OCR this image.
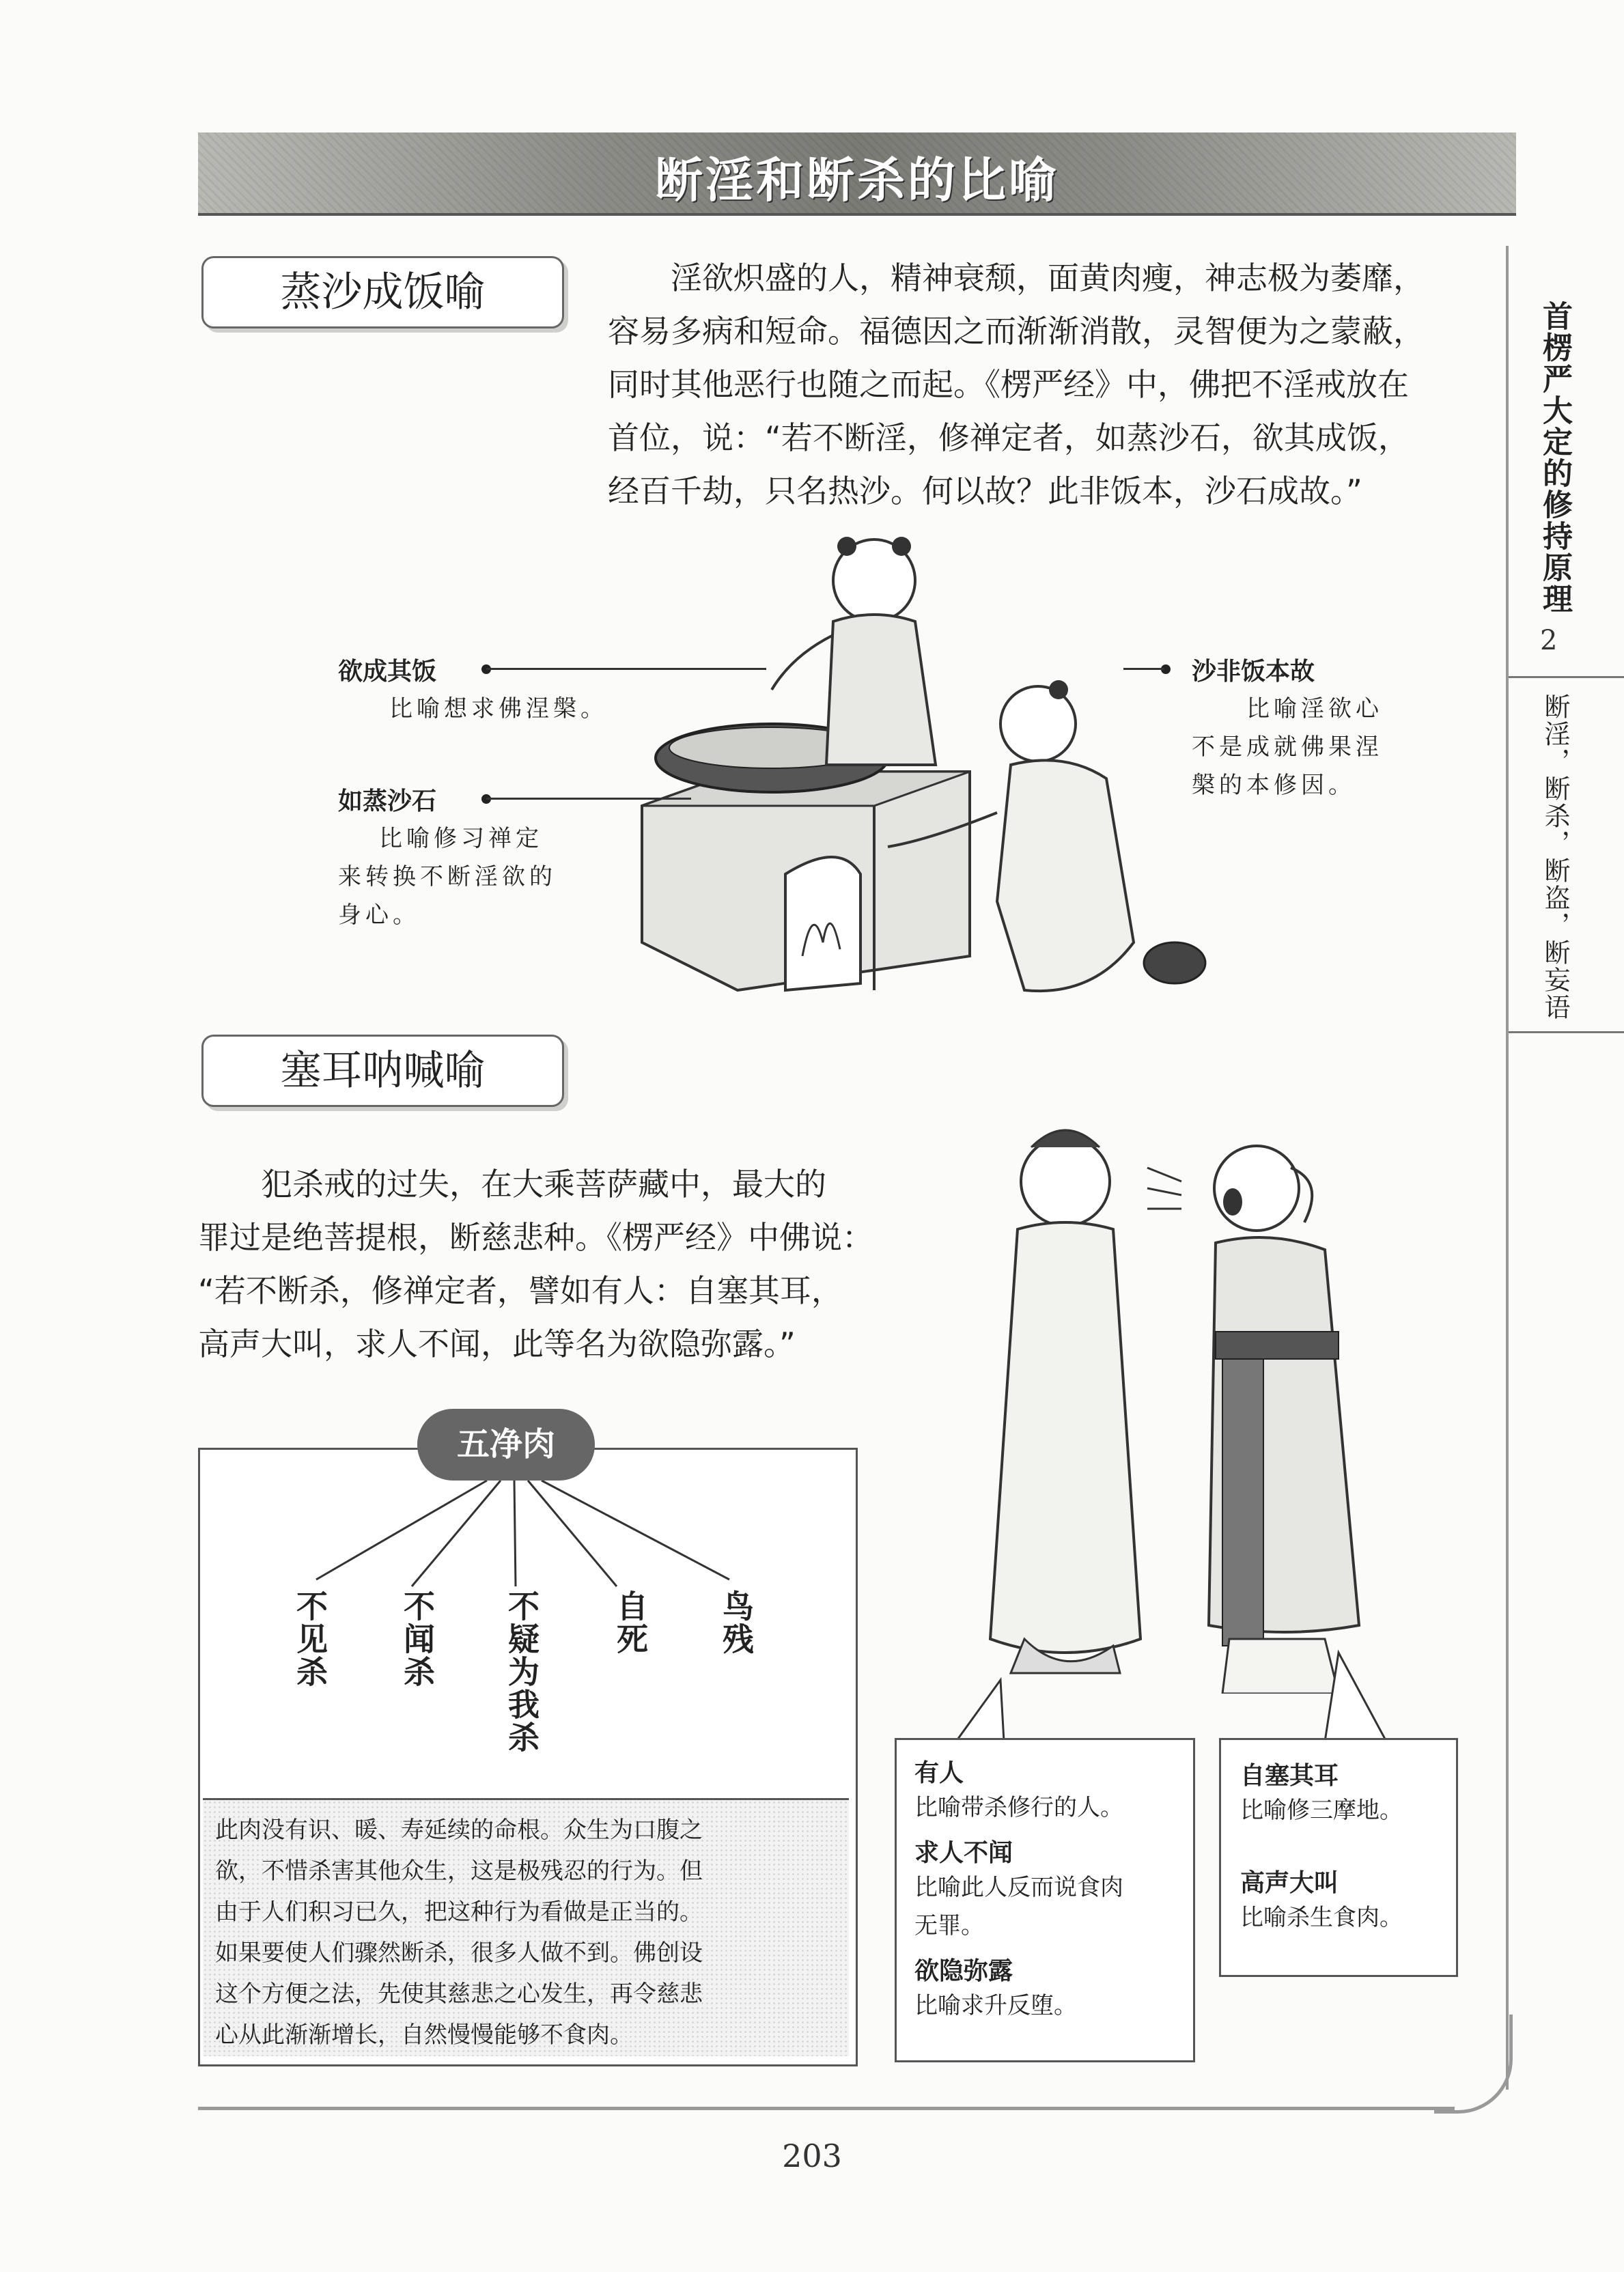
断淫和断杀的比喻
首楞严大定的修持原理
2
断淫，断杀，断盗，断妄语
蒸沙成饭喻	　　淫欲炽盛的人，精神衰颓，面黄肉瘦，神志极为萎靡，
容易多病和短命。福德因之而渐渐消散，灵智便为之蒙蔽，
同时其他恶行也随之而起。《楞严经》中，佛把不淫戒放在
首位，说：“若不断淫，修禅定者，如蒸沙石，欲其成饭，
经百千劫，只名热沙。何以故？此非饭本，沙石成故。”
欲成其饭
比喻想求佛涅槃。
如蒸沙石
比喻修习禅定
来转换不断淫欲的
身心。
沙非饭本故
比喻淫欲心
不是成就佛果涅
槃的本修因。
塞耳呐喊喻
　　犯杀戒的过失，在大乘菩萨藏中，最大的
罪过是绝菩提根，断慈悲种。《楞严经》中佛说：
“若不断杀，修禅定者，譬如有人：自塞其耳，
高声大叫，求人不闻，此等名为欲隐弥露。”
五净肉
不见杀 不闻杀 不疑为我杀 自死 鸟残
此肉没有识、暖、寿延续的命根。众生为口腹之
欲，不惜杀害其他众生，这是极残忍的行为。但
由于人们积习已久，把这种行为看做是正当的。
如果要使人们骤然断杀，很多人做不到。佛创设
这个方便之法，先使其慈悲之心发生，再令慈悲
心从此渐渐增长，自然慢慢能够不食肉。
有人
比喻带杀修行的人。
求人不闻
比喻此人反而说食肉
无罪。
欲隐弥露
比喻求升反堕。
自塞其耳
比喻修三摩地。
高声大叫
比喻杀生食肉。
203
